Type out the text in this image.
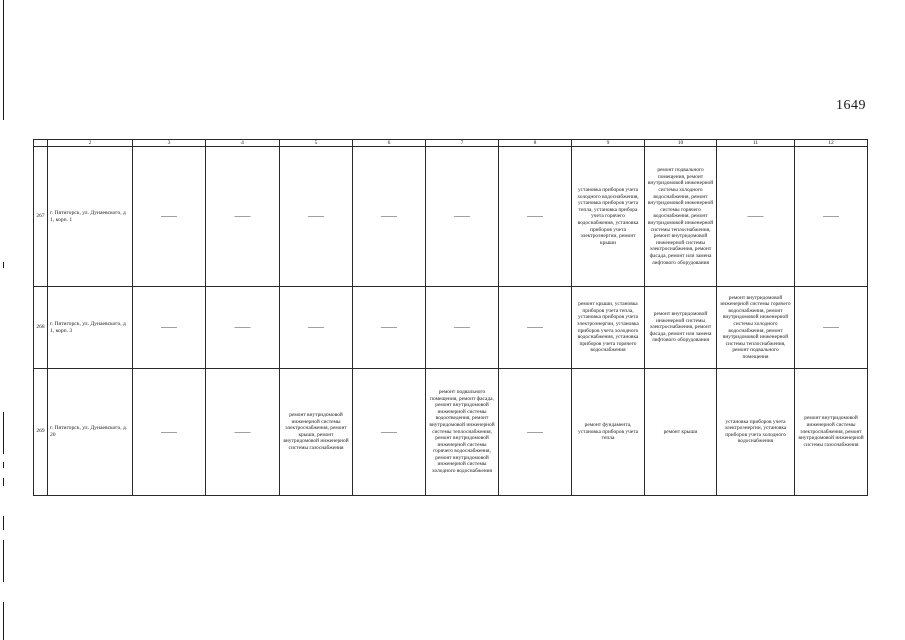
1649
	2	3	4	5	6	7	8	9	10	11	12
267	г. Пятигорск, ул. Дунаевского, д 1, корп. 1	——	——	——	——	——	——	установка приборов учета холодного водоснабжения, установка приборов учета тепла, установка прибора учета горячего водоснабжения, установка приборов учета электроэнергии, ремонт крыши	ремонт подвального помещения, ремонт внутридомовой инженерной системы холодного водоснабжения, ремонт внутридомовой инженерной системы горячего водоснабжения, ремонт внутридомовой инженерной системы теплоснабжения, ремонт внутридомовой инженерной системы электроснабжения, ремонт фасада, ремонт или замена лифтового оборудования	——	——
268	г. Пятигорск, ул. Дунаевского, д 1, корп. 3	——	——	——	——	——	——	ремонт крыши, установка приборов учета тепла, установка приборов учета электроэнергии, установка приборов учета холодного водоснабжения, установка приборов учета горячего водоснабжения	ремонт внутридомовой инженерной системы электроснабжения, ремонт фасада, ремонт или замена лифтового оборудования	ремонт внутридомовой инженерной системы горячего водоснабжения, ремонт внутридомовой инженерной системы холодного водоснабжения, ремонт внутридомовой инженерной системы теплоснабжения, ремонт подвального помещения	——
269	г. Пятигорск, ул. Дунаевского, д. 20	——	——	ремонт внутридомовой инженерной системы электроснабжения, ремонт крыши, ремонт внутридомовой инженерной системы газоснабжения	——	ремонт подвального помещения, ремонт фасада, ремонт внутридомовой инженерной системы водоотведения, ремонт внутридомовой инженерной системы теплоснабжения, ремонт внутридомовой инженерной системы горячего водоснабжения, ремонт внутридомовой инженерной системы холодного водоснабжения	——	ремонт фундамента, установка приборов учета тепла	ремонт крыши	установка приборов учета электроэнергии, установка приборов учета холодного водоснабжения	ремонт внутридомовой инженерной системы электроснабжения, ремонт внутридомовой инженерной системы газоснабжения
